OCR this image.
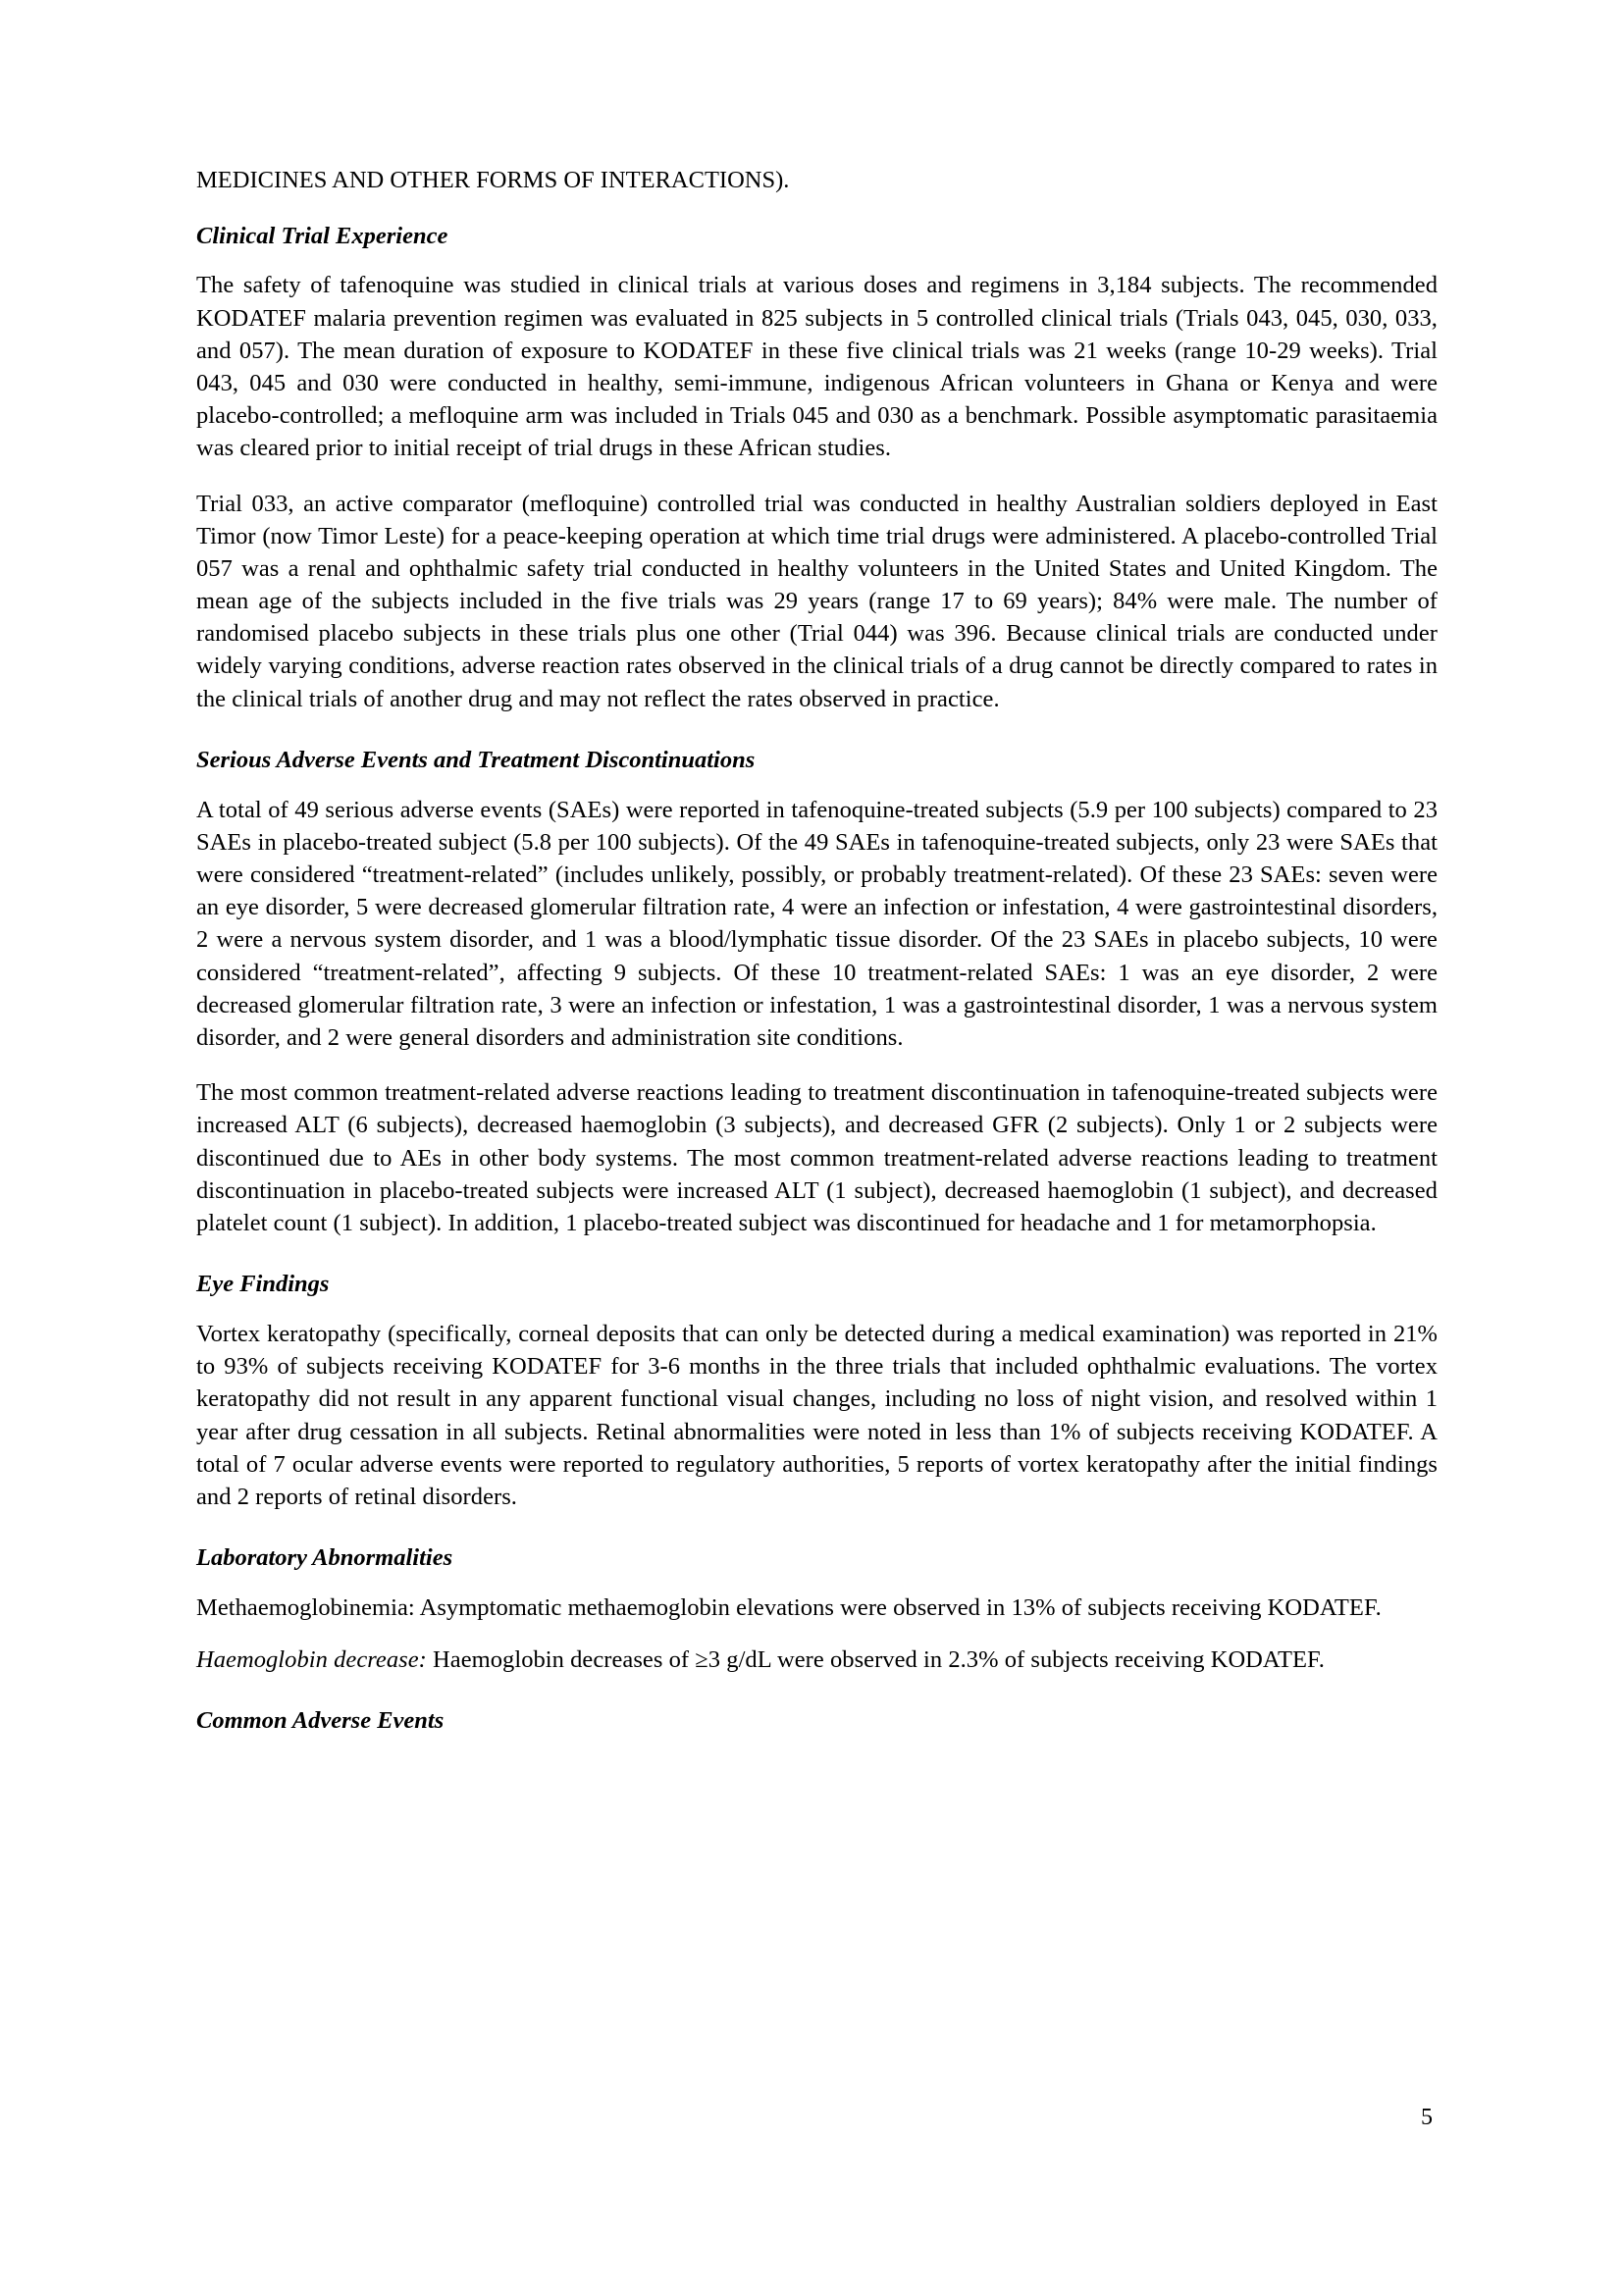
MEDICINES AND OTHER FORMS OF INTERACTIONS).
Clinical Trial Experience

The safety of tafenoquine was studied in clinical trials at various doses and regimens in 3,184 subjects. The recommended KODATEF malaria prevention regimen was evaluated in 825 subjects in 5 controlled clinical trials (Trials 043, 045, 030, 033, and 057). The mean duration of exposure to KODATEF in these five clinical trials was 21 weeks (range 10-29 weeks). Trial 043, 045 and 030 were conducted in healthy, semi-immune, indigenous African volunteers in Ghana or Kenya and were placebo-controlled; a mefloquine arm was included in Trials 045 and 030 as a benchmark. Possible asymptomatic parasitaemia was cleared prior to initial receipt of trial drugs in these African studies.

Trial 033, an active comparator (mefloquine) controlled trial was conducted in healthy Australian soldiers deployed in East Timor (now Timor Leste) for a peace-keeping operation at which time trial drugs were administered. A placebo-controlled Trial 057 was a renal and ophthalmic safety trial conducted in healthy volunteers in the United States and United Kingdom. The mean age of the subjects included in the five trials was 29 years (range 17 to 69 years); 84% were male. The number of randomised placebo subjects in these trials plus one other (Trial 044) was 396. Because clinical trials are conducted under widely varying conditions, adverse reaction rates observed in the clinical trials of a drug cannot be directly compared to rates in the clinical trials of another drug and may not reflect the rates observed in practice.

Serious Adverse Events and Treatment Discontinuations

A total of 49 serious adverse events (SAEs) were reported in tafenoquine-treated subjects (5.9 per 100 subjects) compared to 23 SAEs in placebo-treated subject (5.8 per 100 subjects). Of the 49 SAEs in tafenoquine-treated subjects, only 23 were SAEs that were considered “treatment-related” (includes unlikely, possibly, or probably treatment-related). Of these 23 SAEs: seven were an eye disorder, 5 were decreased glomerular filtration rate, 4 were an infection or infestation, 4 were gastrointestinal disorders, 2 were a nervous system disorder, and 1 was a blood/lymphatic tissue disorder. Of the 23 SAEs in placebo subjects, 10 were considered “treatment-related”, affecting 9 subjects. Of these 10 treatment-related SAEs: 1 was an eye disorder, 2 were decreased glomerular filtration rate, 3 were an infection or infestation, 1 was a gastrointestinal disorder, 1 was a nervous system disorder, and 2 were general disorders and administration site conditions.

The most common treatment-related adverse reactions leading to treatment discontinuation in tafenoquine-treated subjects were increased ALT (6 subjects), decreased haemoglobin (3 subjects), and decreased GFR (2 subjects). Only 1 or 2 subjects were discontinued due to AEs in other body systems. The most common treatment-related adverse reactions leading to treatment discontinuation in placebo-treated subjects were increased ALT (1 subject), decreased haemoglobin (1 subject), and decreased platelet count (1 subject). In addition, 1 placebo-treated subject was discontinued for headache and 1 for metamorphopsia.

Eye Findings

Vortex keratopathy (specifically, corneal deposits that can only be detected during a medical examination) was reported in 21% to 93% of subjects receiving KODATEF for 3-6 months in the three trials that included ophthalmic evaluations. The vortex keratopathy did not result in any apparent functional visual changes, including no loss of night vision, and resolved within 1 year after drug cessation in all subjects. Retinal abnormalities were noted in less than 1% of subjects receiving KODATEF. A total of 7 ocular adverse events were reported to regulatory authorities, 5 reports of vortex keratopathy after the initial findings and 2 reports of retinal disorders.

Laboratory Abnormalities

Methaemoglobinemia: Asymptomatic methaemoglobin elevations were observed in 13% of subjects receiving KODATEF.

Haemoglobin decrease: Haemoglobin decreases of ≥3 g/dL were observed in 2.3% of subjects receiving KODATEF.

Common Adverse Events
5
